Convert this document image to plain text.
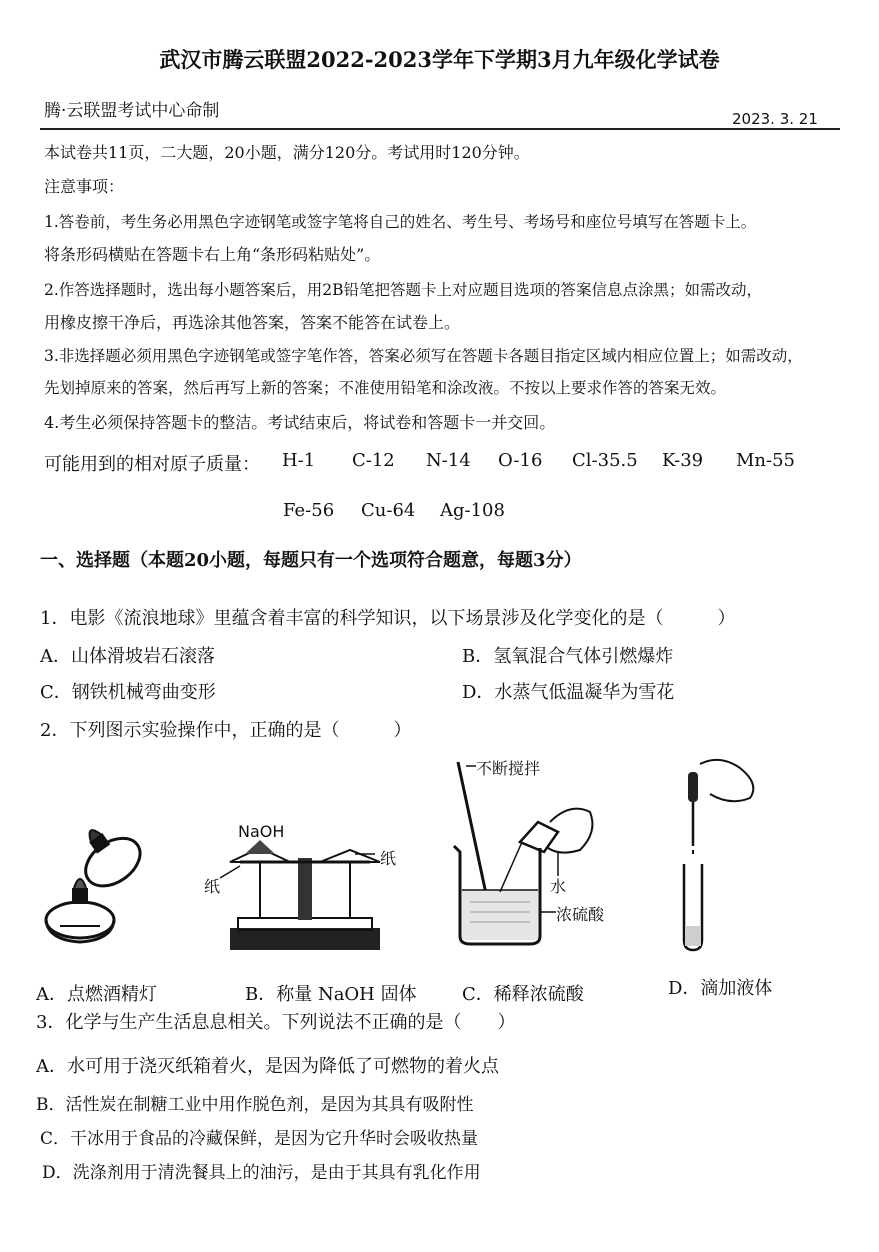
武汉市腾云联盟2022-2023学年下学期3月九年级化学试卷
腾·云联盟考试中心命制	2023. 3. 21
本试卷共11页，二大题，20小题，满分120分。考试用时120分钟。
注意事项：
1.答卷前，考生务必用黑色字迹钢笔或签字笔将自己的姓名、考生号、考场号和座位号填写在答题卡上。
将条形码横贴在答题卡右上角“条形码粘贴处”。
2.作答选择题时，选出每小题答案后，用2B铅笔把答题卡上对应题目选项的答案信息点涂黑；如需改动，
用橡皮擦干净后，再选涂其他答案，答案不能答在试卷上。
3.非选择题必须用黑色字迹钢笔或签字笔作答，答案必须写在答题卡各题目指定区域内相应位置上；如需改动，
先划掉原来的答案，然后再写上新的答案；不准使用铅笔和涂改液。不按以上要求作答的答案无效。
4.考生必须保持答题卡的整洁。考试结束后，将试卷和答题卡一并交回。
可能用到的相对原子质量： H-1 C-12 N-14 O-16 Cl-35.5 K-39 Mn-55
Fe-56 Cu-64 Ag-108
一、选择题（本题20小题，每题只有一个选项符合题意，每题3分）
1．电影《流浪地球》里蕴含着丰富的科学知识，以下场景涉及化学变化的是（　　　）
A．山体滑坡岩石滚落	B．氢氧混合气体引燃爆炸
C．钢铁机械弯曲变形	D．水蒸气低温凝华为雪花
2．下列图示实验操作中，正确的是（　　　）
NaOH
纸
纸
不断搅拌
水
浓硫酸
A．点燃酒精灯	B．称量 NaOH 固体	C．稀释浓硫酸	D．滴加液体
3．化学与生产生活息息相关。下列说法不正确的是（　　）
A．水可用于浇灭纸箱着火，是因为降低了可燃物的着火点
B．活性炭在制糖工业中用作脱色剂，是因为其具有吸附性
C．干冰用于食品的冷藏保鲜，是因为它升华时会吸收热量
D．洗涤剂用于清洗餐具上的油污，是由于其具有乳化作用
